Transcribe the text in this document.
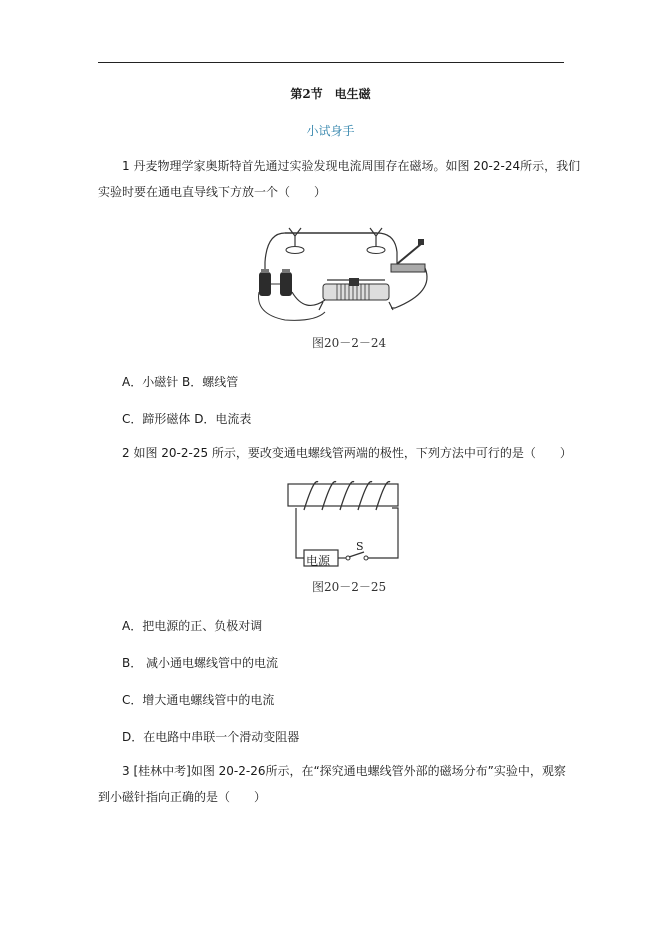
第2节　电生磁
小试身手
1 丹麦物理学家奥斯特首先通过实验发现电流周围存在磁场。如图 20-2-24所示，我们
实验时要在通电直导线下方放一个（　　）
图20－2－24
A．小磁针 B．螺线管
C．蹄形磁体 D．电流表
2 如图 20-2-25 所示，要改变通电螺线管两端的极性，下列方法中可行的是（　　）
电源
S
图20－2－25
A．把电源的正、负极对调
B． 减小通电螺线管中的电流
C．增大通电螺线管中的电流
D．在电路中串联一个滑动变阻器
3 [桂林中考]如图 20-2-26所示，在“探究通电螺线管外部的磁场分布”实验中，观察
到小磁针指向正确的是（　　）
